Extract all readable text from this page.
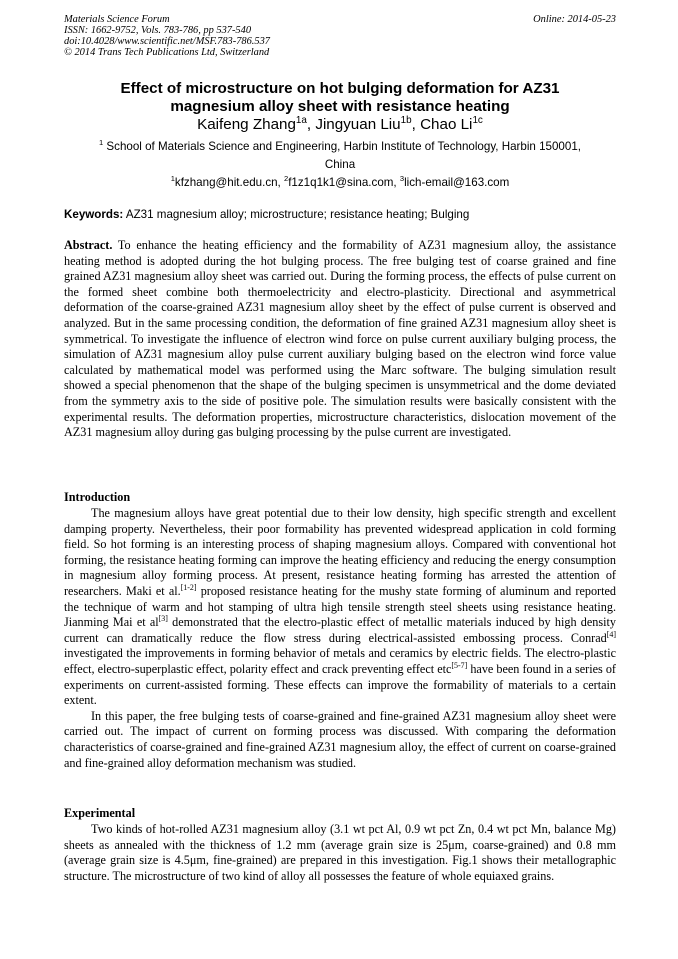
Materials Science Forum	Online: 2014-05-23
ISSN: 1662-9752, Vols. 783-786, pp 537-540
doi:10.4028/www.scientific.net/MSF.783-786.537
© 2014 Trans Tech Publications Ltd, Switzerland
Effect of microstructure on hot bulging deformation for AZ31
magnesium alloy sheet with resistance heating
Kaifeng Zhang$^{1a}$, Jingyuan Liu$^{1b}$, Chao $Li^{1c}$
$^1$ School of Materials Science and Engineering, Harbin Institute of Technology, Harbin 150001,
China
$^1$kfzhang@hit.edu.cn, $^2$f1z1q1k1@sina.com, $^3$lich-email@163.com
Keywords: AZ31 magnesium alloy; microstructure; resistance heating; Bulging

Abstract. To enhance the heating efficiency and the formability of AZ31 magnesium alloy, the assistance heating method is adopted during the hot bulging process. The free bulging test of coarse grained and fine grained AZ31 magnesium alloy sheet was carried out. During the forming process, the effects of pulse current on the formed sheet combine both thermoelectricity and electro-plasticity. Directional and asymmetrical deformation of the coarse-grained AZ31 magnesium alloy sheet by the effect of pulse current is observed and analyzed. But in the same processing condition, the deformation of fine grained AZ31 magnesium alloy sheet is symmetrical. To investigate the influence of electron wind force on pulse current auxiliary bulging process, the simulation of AZ31 magnesium alloy pulse current auxiliary bulging based on the electron wind force value calculated by mathematical model was performed using the Marc software. The bulging simulation result showed a special phenomenon that the shape of the bulging specimen is unsymmetrical and the dome deviated from the symmetry axis to the side of positive pole. The simulation results were basically consistent with the experimental results. The deformation properties, microstructure characteristics, dislocation movement of the AZ31 magnesium alloy during gas bulging processing by the pulse current are investigated.

Introduction

The magnesium alloys have great potential due to their low density, high specific strength and excellent damping property. Nevertheless, their poor formability has prevented widespread application in cold forming field. So hot forming is an interesting process of shaping magnesium alloys. Compared with conventional hot forming, the resistance heating forming can improve the heating efficiency and reducing the energy consumption in magnesium alloy forming process. At present, resistance heating forming has arrested the attention of researchers. Maki et al.[1-2] proposed resistance heating for the mushy state forming of aluminum and reported the technique of warm and hot stamping of ultra high tensile strength steel sheets using resistance heating. Jianming Mai et al[3] demonstrated that the electro-plastic effect of metallic materials induced by high density current can dramatically reduce the flow stress during electrical-assisted embossing process. Conrad[4] investigated the improvements in forming behavior of metals and ceramics by electric fields. The electro-plastic effect, electro-superplastic effect, polarity effect and crack preventing effect etc[5-7] have been found in a series of experiments on current-assisted forming. These effects can improve the formability of materials to a certain extent.

In this paper, the free bulging tests of coarse-grained and fine-grained AZ31 magnesium alloy sheet were carried out. The impact of current on forming process was discussed. With comparing the deformation characteristics of coarse-grained and fine-grained AZ31 magnesium alloy, the effect of current on coarse-grained and fine-grained alloy deformation mechanism was studied.

Experimental

Two kinds of hot-rolled AZ31 magnesium alloy (3.1 wt pct Al, 0.9 wt pct Zn, 0.4 wt pct Mn, balance Mg) sheets as annealed with the thickness of 1.2 mm (average grain size is 25μm, coarse-grained) and 0.8 mm (average grain size is 4.5μm, fine-grained) are prepared in this investigation. Fig.1 shows their metallographic structure. The microstructure of two kind of alloy all possesses the feature of whole equiaxed grains.
